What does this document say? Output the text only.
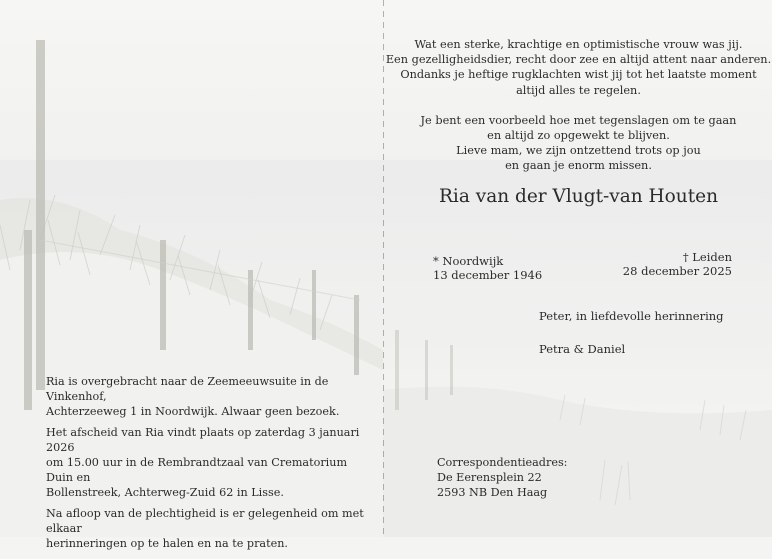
Wat een sterke, krachtige en optimistische vrouw was jij.
Een gezelligheidsdier, recht door zee en altijd attent naar anderen.
Ondanks je heftige rugklachten wist jij tot het laatste moment
altijd alles te regelen.
Je bent een voorbeeld hoe met tegenslagen om te gaan
en altijd zo opgewekt te blijven.
Lieve mam, we zijn ontzettend trots op jou
en gaan je enorm missen.
Ria van der Vlugt-van Houten
* Noordwijk
13 december 1946
† Leiden
28 december 2025
Peter, in liefdevolle herinnering
Petra & Daniel

Ria is overgebracht naar de Zeemeeuwsuite in de Vinkenhof,
Achterzeeweg 1 in Noordwijk. Alwaar geen bezoek.

Het afscheid van Ria vindt plaats op zaterdag 3 januari 2026
om 15.00 uur in de Rembrandtzaal van Crematorium Duin en
Bollenstreek, Achterweg-Zuid 62 in Lisse.

Na afloop van de plechtigheid is er gelegenheid om met elkaar
herinneringen op te halen en na te praten.

Correspondentieadres:
De Eerensplein 22
2593 NB Den Haag
